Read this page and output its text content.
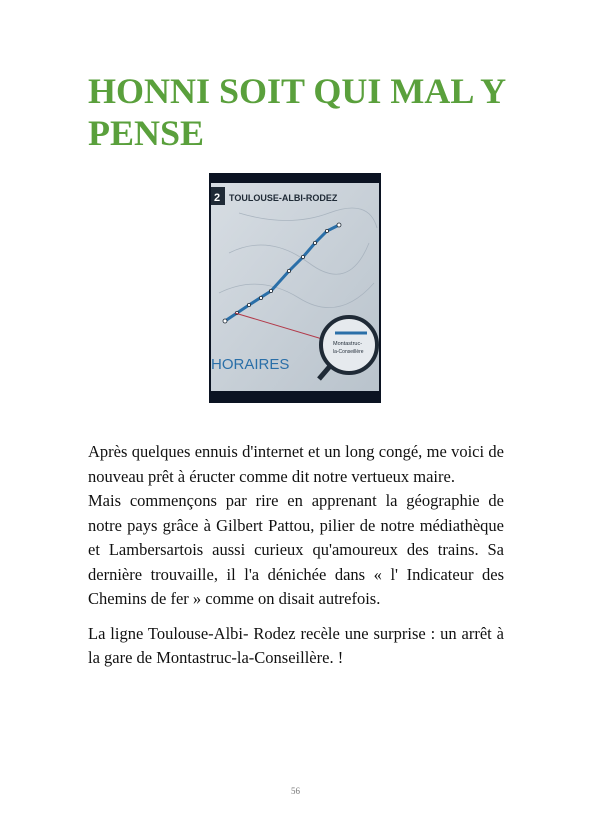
HONNI SOIT QUI MAL Y PENSE
2 TOULOUSE-ALBI-RODEZ
Montastruc-
la-Conseillère
HORAIRES

Après quelques ennuis d'internet et un long congé, me voici de nouveau prêt à éructer comme dit notre vertueux maire.

Mais commençons par rire en apprenant la géographie de notre pays grâce à Gilbert Pattou, pilier de notre médiathèque et Lambersartois aussi curieux qu'amoureux des trains. Sa dernière trouvaille, il l'a dénichée dans « l' Indicateur des Chemins de fer » comme on disait autrefois.

La ligne Toulouse-Albi- Rodez recèle une surprise : un arrêt à la gare de Montastruc-la-Conseillère. !

56
